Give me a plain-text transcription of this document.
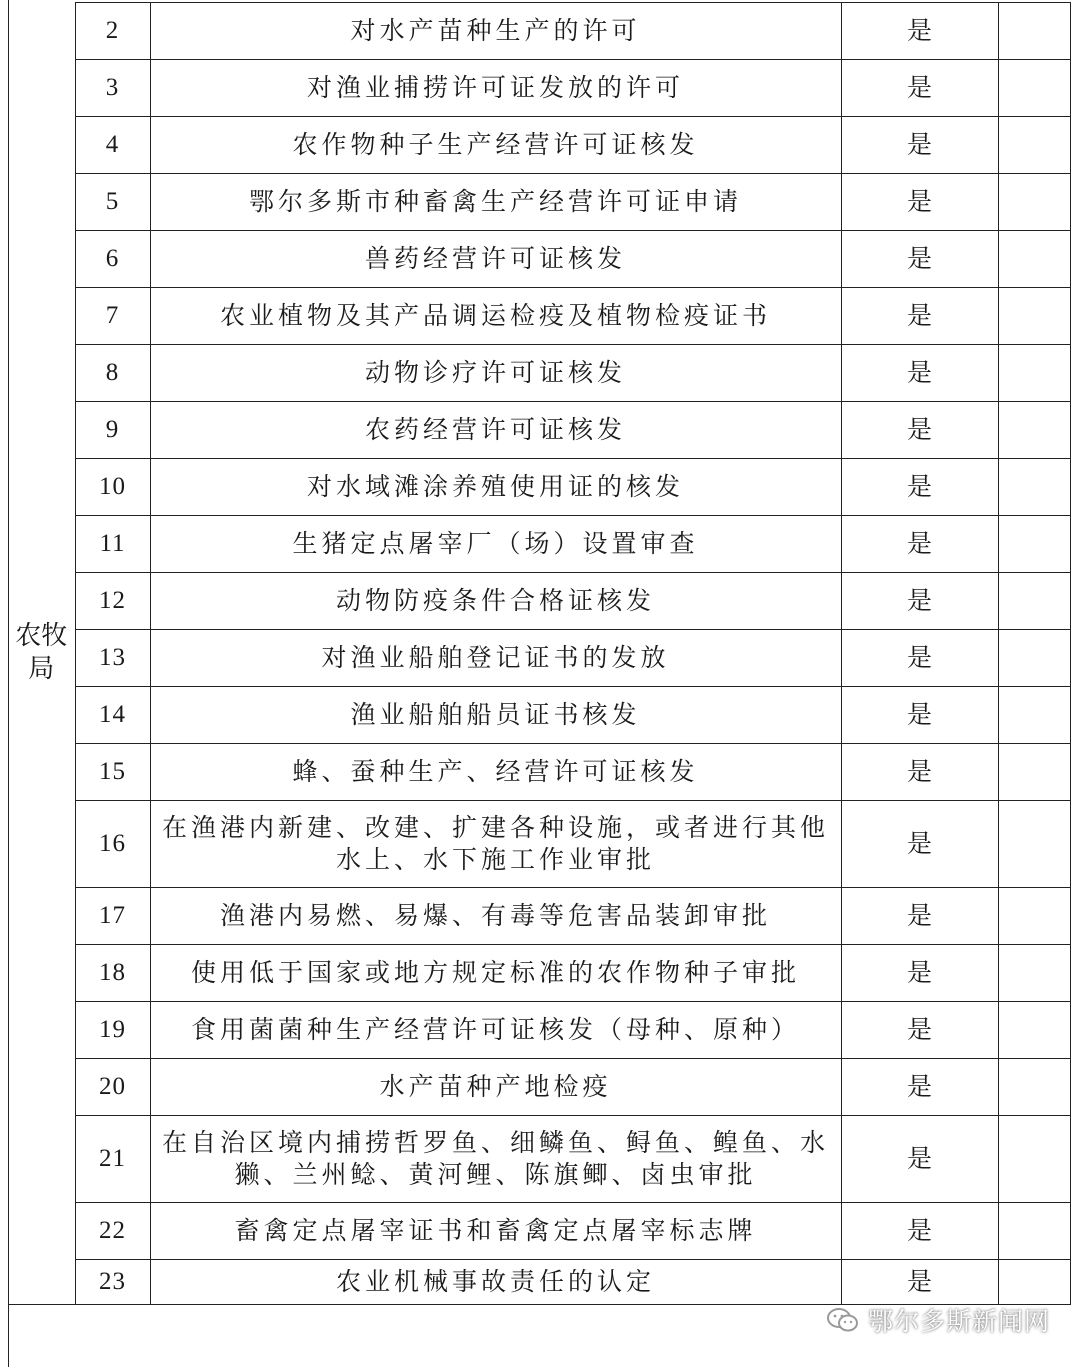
农牧局	2	对水产苗种生产的许可	是	
	3	对渔业捕捞许可证发放的许可	是	
	4	农作物种子生产经营许可证核发	是	
	5	鄂尔多斯市种畜禽生产经营许可证申请	是	
	6	兽药经营许可证核发	是	
	7	农业植物及其产品调运检疫及植物检疫证书	是	
	8	动物诊疗许可证核发	是	
	9	农药经营许可证核发	是	
	10	对水域滩涂养殖使用证的核发	是	
	11	生猪定点屠宰厂（场）设置审查	是	
	12	动物防疫条件合格证核发	是	
	13	对渔业船舶登记证书的发放	是	
	14	渔业船舶船员证书核发	是	
	15	蜂、蚕种生产、经营许可证核发	是	
	16	在渔港内新建、改建、扩建各种设施，或者进行其他水上、水下施工作业审批	是	
	17	渔港内易燃、易爆、有毒等危害品装卸审批	是	
	18	使用低于国家或地方规定标准的农作物种子审批	是	
	19	食用菌菌种生产经营许可证核发（母种、原种）	是	
	20	水产苗种产地检疫	是	
	21	在自治区境内捕捞哲罗鱼、细鳞鱼、鲟鱼、鳇鱼、水獭、兰州鲶、黄河鲤、陈旗鲫、卤虫审批	是	
	22	畜禽定点屠宰证书和畜禽定点屠宰标志牌	是	
	23	农业机械事故责任的认定	是	
鄂尔多斯新闻网
